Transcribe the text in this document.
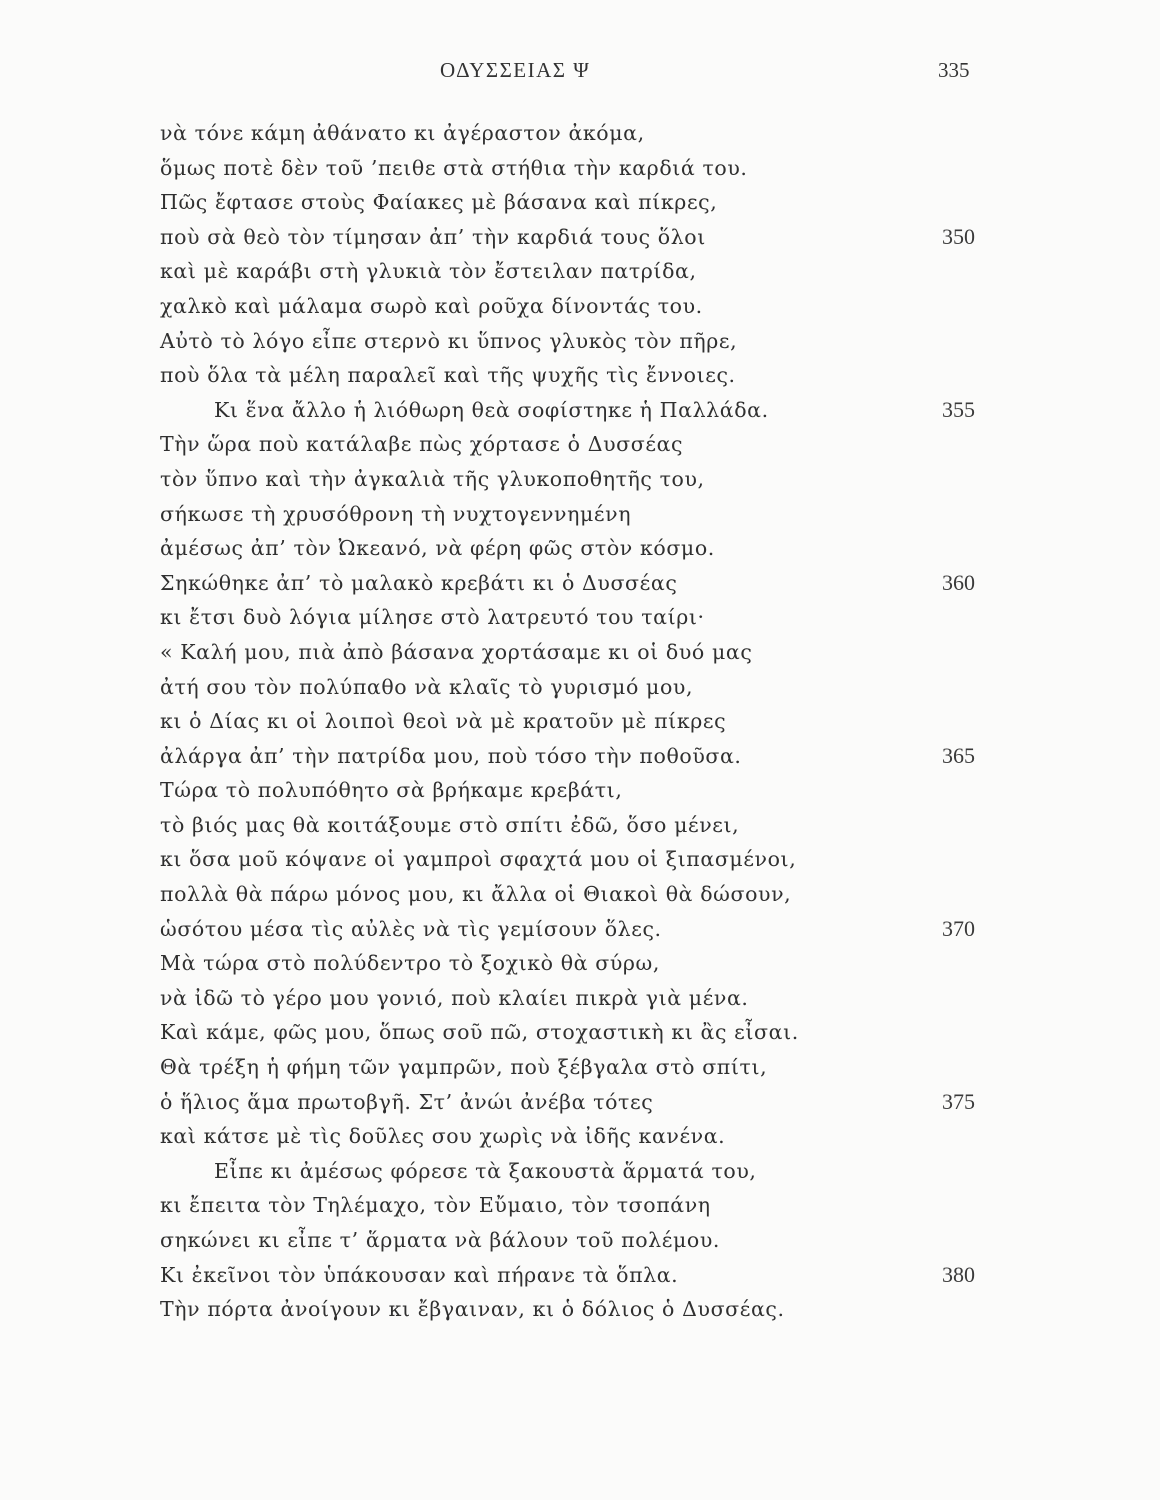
ΟΔΥΣΣΕΙΑΣ Ψ	335
νὰ τόνε κάμη ἀθάνατο κι ἀγέραστον ἀκόμα,
ὅμως ποτὲ δὲν τοῦ ’πειθε στὰ στήθια τὴν καρδιά του.
Πῶς ἔφτασε στοὺς Φαίακες μὲ βάσανα καὶ πίκρες,
ποὺ σὰ θεὸ τὸν τίμησαν ἀπ’ τὴν καρδιά τους ὅλοι	350
καὶ μὲ καράβι στὴ γλυκιὰ τὸν ἔστειλαν πατρίδα,
χαλκὸ καὶ μάλαμα σωρὸ καὶ ροῦχα δίνοντάς του.
Αὐτὸ τὸ λόγο εἶπε στερνὸ κι ὕπνος γλυκὸς τὸν πῆρε,
ποὺ ὅλα τὰ μέλη παραλεῖ καὶ τῆς ψυχῆς τὶς ἔννοιες.
Κι ἕνα ἄλλο ἡ λιόθωρη θεὰ σοφίστηκε ἡ Παλλάδα.	355
Τὴν ὥρα ποὺ κατάλαβε πὼς χόρτασε ὁ Δυσσέας
τὸν ὕπνο καὶ τὴν ἀγκαλιὰ τῆς γλυκοποθητῆς του,
σήκωσε τὴ χρυσόθρονη τὴ νυχτογεννημένη
ἀμέσως ἀπ’ τὸν Ὠκεανό, νὰ φέρη φῶς στὸν κόσμο.
Σηκώθηκε ἀπ’ τὸ μαλακὸ κρεβάτι κι ὁ Δυσσέας	360
κι ἔτσι δυὸ λόγια μίλησε στὸ λατρευτό του ταίρι·
« Καλή μου, πιὰ ἀπὸ βάσανα χορτάσαμε κι οἱ δυό μας
ἀτή σου τὸν πολύπαθο νὰ κλαῖς τὸ γυρισμό μου,
κι ὁ Δίας κι οἱ λοιποὶ θεοὶ νὰ μὲ κρατοῦν μὲ πίκρες
ἀλάργα ἀπ’ τὴν πατρίδα μου, ποὺ τόσο τὴν ποθοῦσα.	365
Τώρα τὸ πολυπόθητο σὰ βρήκαμε κρεβάτι,
τὸ βιός μας θὰ κοιτάξουμε στὸ σπίτι ἐδῶ, ὅσο μένει,
κι ὅσα μοῦ κόψανε οἱ γαμπροὶ σφαχτά μου οἱ ξιπασμένοι,
πολλὰ θὰ πάρω μόνος μου, κι ἄλλα οἱ Θιακοὶ θὰ δώσουν,
ὡσότου μέσα τὶς αὐλὲς νὰ τὶς γεμίσουν ὅλες.	370
Μὰ τώρα στὸ πολύδεντρο τὸ ξοχικὸ θὰ σύρω,
νὰ ἰδῶ τὸ γέρο μου γονιό, ποὺ κλαίει πικρὰ γιὰ μένα.
Καὶ κάμε, φῶς μου, ὅπως σοῦ πῶ, στοχαστικὴ κι ἂς εἶσαι.
Θὰ τρέξη ἡ φήμη τῶν γαμπρῶν, ποὺ ξέβγαλα στὸ σπίτι,
ὁ ἥλιος ἅμα πρωτοβγῆ. Στ’ ἀνώι ἀνέβα τότες	375
καὶ κάτσε μὲ τὶς δοῦλες σου χωρὶς νὰ ἰδῆς κανένα.
Εἶπε κι ἀμέσως φόρεσε τὰ ξακουστὰ ἅρματά του,
κι ἔπειτα τὸν Τηλέμαχο, τὸν Εὔμαιο, τὸν τσοπάνη
σηκώνει κι εἶπε τ’ ἅρματα νὰ βάλουν τοῦ πολέμου.
Κι ἐκεῖνοι τὸν ὑπάκουσαν καὶ πήρανε τὰ ὅπλα.	380
Τὴν πόρτα ἀνοίγουν κι ἔβγαιναν, κι ὁ δόλιος ὁ Δυσσέας.
